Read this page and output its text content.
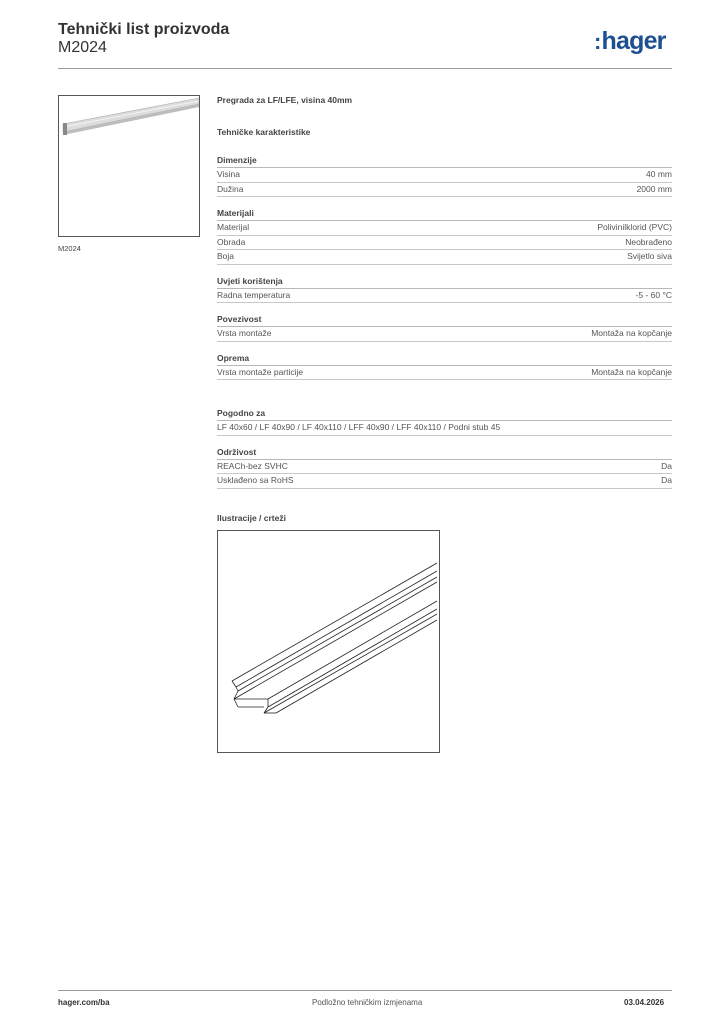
Tehnički list proizvoda
M2024	:hager
M2024
Pregrada za LF/LFE, visina 40mm
Tehničke karakteristike
Dimenzije
Visina	40 mm
Dužina	2000 mm
Materijali
Materijal	Polivinilklorid (PVC)
Obrada	Neobrađeno
Boja	Svijetlo siva
Uvjeti korištenja
Radna temperatura	-5 - 60 °C
Povezivost
Vrsta montaže	Montaža na kopčanje
Oprema
Vrsta montaže particije	Montaža na kopčanje
Pogodno za
LF 40x60 / LF 40x90 / LF 40x110 / LFF 40x90 / LFF 40x110 / Podni stub 45
Održivost
REACh-bez SVHC	Da
Usklađeno sa RoHS	Da
Ilustracije / crteži
hager.com/ba	Podložno tehničkim izmjenama	03.04.2026
